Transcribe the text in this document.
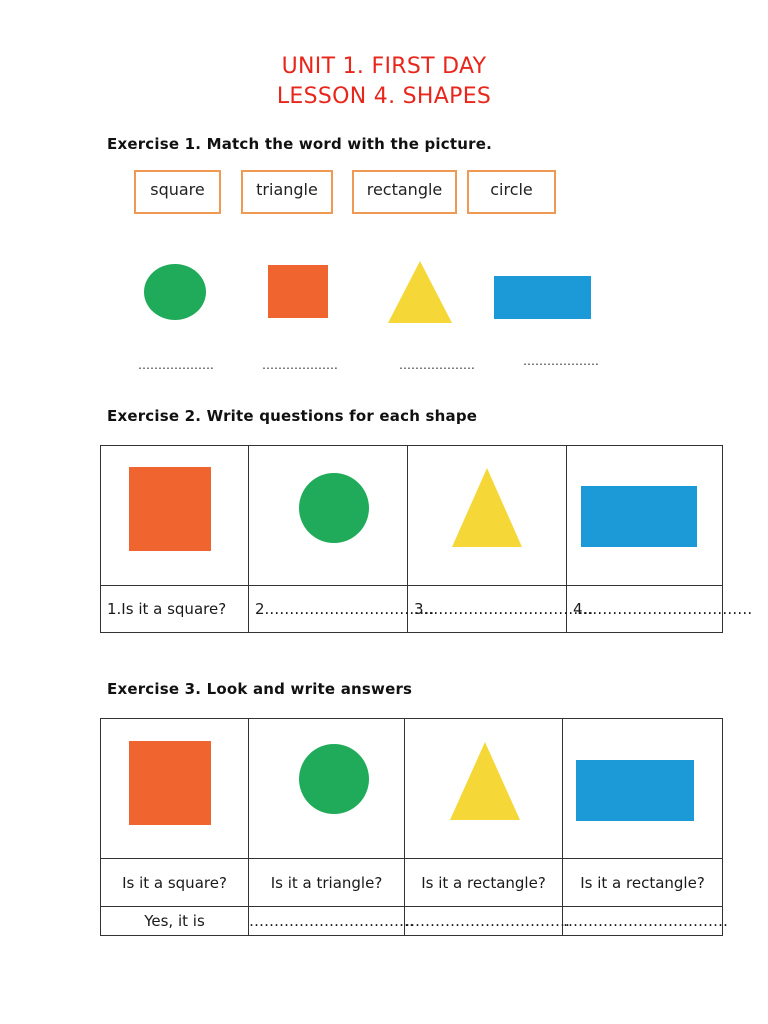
UNIT 1. FIRST DAY
LESSON 4. SHAPES
Exercise 1. Match the word with the picture.
square	triangle	rectangle	circle
……………….	……………….	……………….	……………….
Exercise 2. Write questions for each shape

1.Is it a square?	2.……………………………	3.……………………………	4.……………………………
Exercise 3. Look and write answers

Is it a square?	Is it a triangle?	Is it a rectangle?	Is it a rectangle?
Yes, it is	……………………………	……………………………	……………………………
